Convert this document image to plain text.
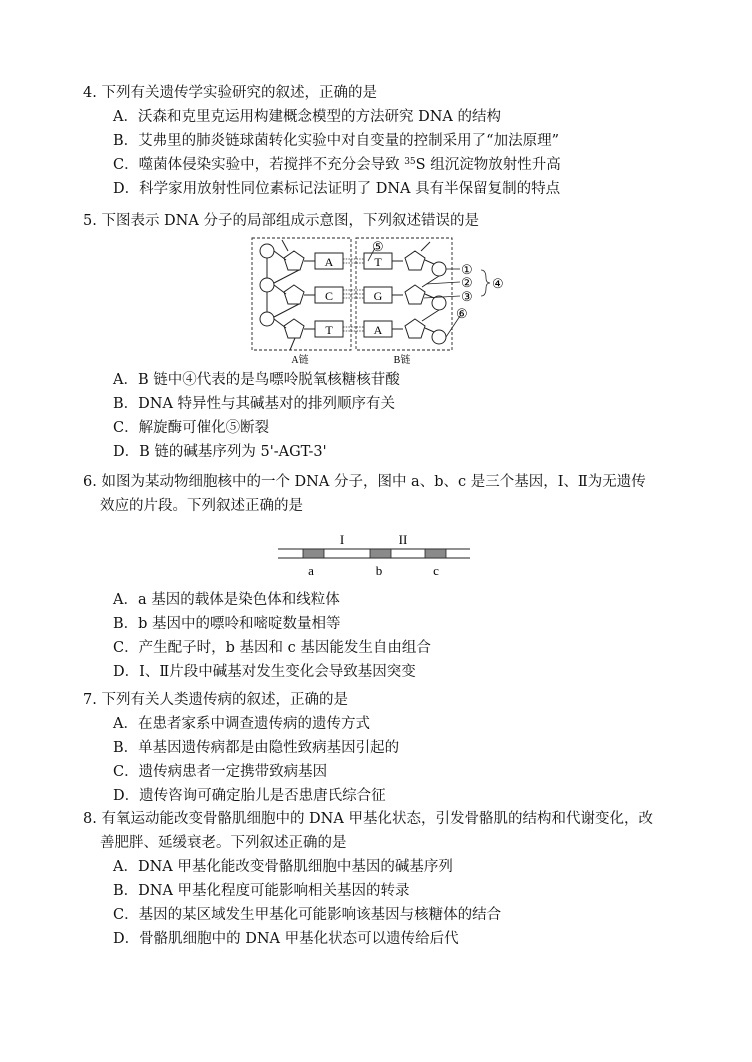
4. 下列有关遗传学实验研究的叙述，正确的是
A．沃森和克里克运用构建概念模型的方法研究 DNA 的结构
B．艾弗里的肺炎链球菌转化实验中对自变量的控制采用了“加法原理”
C．噬菌体侵染实验中，若搅拌不充分会导致 $^{35}$S 组沉淀物放射性升高
D．科学家用放射性同位素标记法证明了 DNA 具有半保留复制的特点
5. 下图表示 DNA 分子的局部组成示意图，下列叙述错误的是
A
C
T
T
G
A
⑤
①
②
③
④
⑥
A链	B链
A．B 链中④代表的是鸟嘌呤脱氧核糖核苷酸
B．DNA 特异性与其碱基对的排列顺序有关
C．解旋酶可催化⑤断裂
D．B 链的碱基序列为 5'-AGT-3'
6. 如图为某动物细胞核中的一个 DNA 分子，图中 a、b、c 是三个基因，Ⅰ、Ⅱ为无遗传
效应的片段。下列叙述正确的是
I	II
a	b	c
A．a 基因的载体是染色体和线粒体
B．b 基因中的嘌呤和嘧啶数量相等
C．产生配子时，b 基因和 c 基因能发生自由组合
D．Ⅰ、Ⅱ片段中碱基对发生变化会导致基因突变
7. 下列有关人类遗传病的叙述，正确的是
A．在患者家系中调查遗传病的遗传方式
B．单基因遗传病都是由隐性致病基因引起的
C．遗传病患者一定携带致病基因
D．遗传咨询可确定胎儿是否患唐氏综合征
8. 有氧运动能改变骨骼肌细胞中的 DNA 甲基化状态，引发骨骼肌的结构和代谢变化，改
善肥胖、延缓衰老。下列叙述正确的是
A．DNA 甲基化能改变骨骼肌细胞中基因的碱基序列
B．DNA 甲基化程度可能影响相关基因的转录
C．基因的某区域发生甲基化可能影响该基因与核糖体的结合
D．骨骼肌细胞中的 DNA 甲基化状态可以遗传给后代
